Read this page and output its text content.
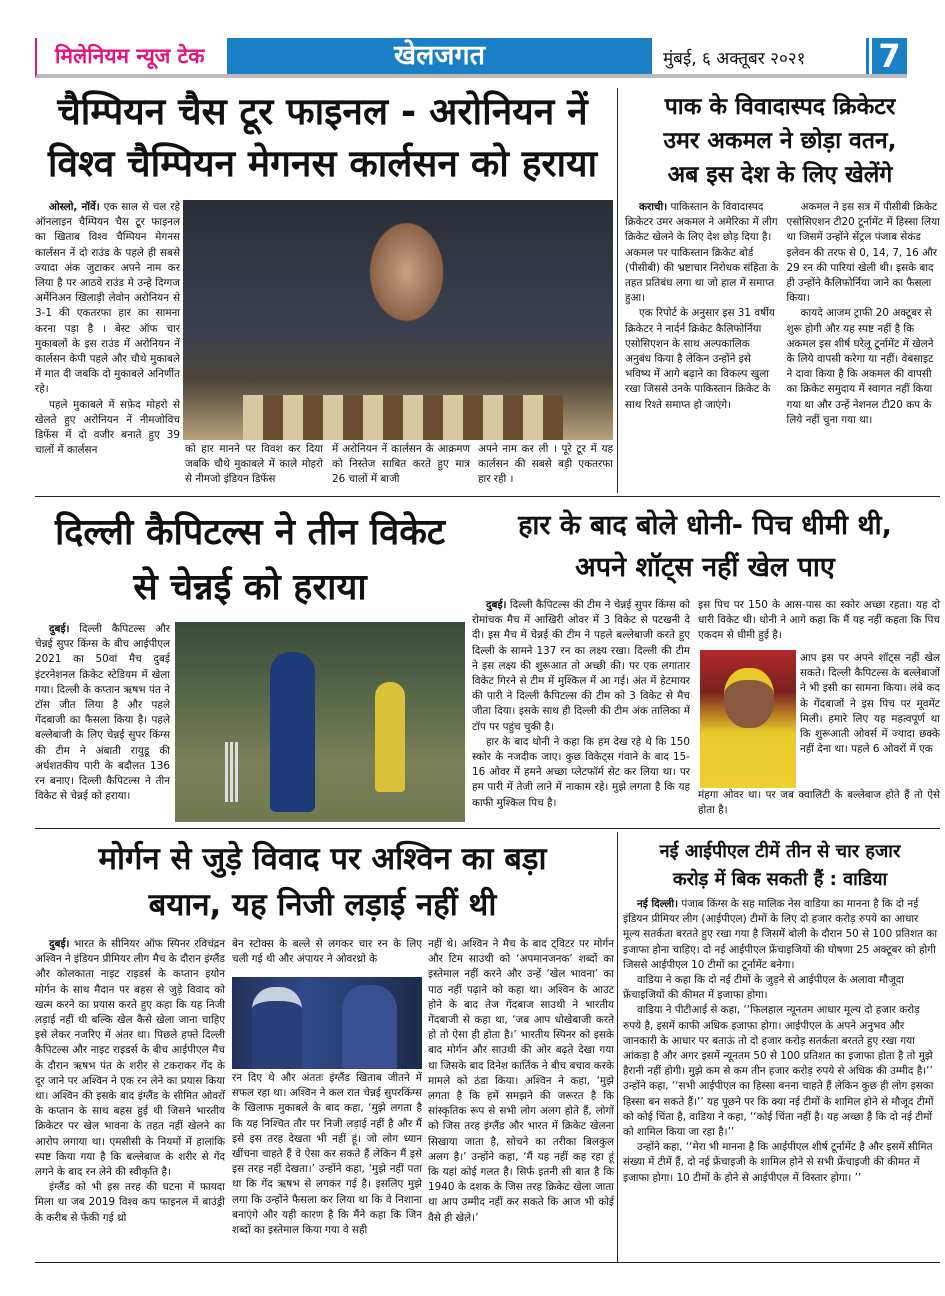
मिलेनियम न्यूज टेक	खेलजगत	मुंबई, ६ अक्तूबर २०२१ 7
चैम्पियन चैस टूर फाइनल - अरोनियन नें
विश्व चैम्पियन मेगनस कार्लसन को हराया

ओस्लो, नॉर्वे। एक साल से चल रहे ऑनलाइन चैम्पियन चैस टूर फाइनल का खिताब विश्व चैम्पियन मेगनस कार्लसन नें दो राउंड के पहले ही सबसे ज्यादा अंक जुटाकर अपने नाम कर लिया है पर आठवे राउंड मे उन्हे दिग्गज अर्मेनिअन खिलाड़ी लेवोन अरोनियन से 3-1 की एकतरफा हार का सामना करना पड़ा है । बेस्ट ऑफ चार मुकाबलों के इस राउंड में अरोनियन नें कार्लसन केपी पहले और चौथे मुकाबले में मात दी जबकि दो मुकाबले अनिर्णीत रहे।

पहले मुकाबले में सफ़ेद मोहरो से खेलते हुए अरोनियन नें नीमजोविच डिफेंस में दो वजीर बनाते हुए 39 चालों में कार्लसन	को हार मानने पर विवश कर दिया जबकि चौथे मुकाबले में काले मोहरो से नीमजो इंडियन डिफेंस
में अरोनियन नें कार्लसन के आक्रमण को निस्तेज साबित करते हुए मात्र 26 चालों में बाजी
अपने नाम कर ली । पूरे टूर में यह कार्लसन की सबसे बड़ी एकतरफा हार रही ।
पाक के विवादास्पद क्रिकेटर
उमर अकमल ने छोड़ा वतन,
अब इस देश के लिए खेलेंगे

कराची। पाकिस्तान के विवादास्पद क्रिकेटर उमर अकमल ने अमेरिका में लीग क्रिकेट खेलने के लिए देश छोड़ दिया है। अकमल पर पाकिस्तान क्रिकेट बोर्ड (पीसीबी) की भ्रष्टाचार निरोधक संहिता के तहत प्रतिबंध लगा था जो हाल में समाप्त हुआ।

एक रिपोर्ट के अनुसार इस 31 वर्षीय क्रिकेटर ने नार्दर्न क्रिकेट कैलिफोर्निया एसोसिएशन के साथ अल्पकालिक अनुबंध किया है लेकिन उन्होंने इसे भविष्य में आगे बढ़ाने का विकल्प खुला रखा जिससे उनके पाकिस्तान क्रिकेट के साथ रिश्ते समाप्त हो जाएंगे।

अकमल ने इस सत्र में पीसीबी क्रिकेट एसोसिएशन टी20 टूर्नामेंट में हिस्सा लिया था जिसमें उन्होंने सेंट्रल पंजाब सेकंड इलेवन की तरफ से 0, 14, 7, 16 और 29 रन की पारियां खेली थी। इसके बाद ही उन्होंने कैलिफोर्निया जाने का फैसला किया।

कायदे आजम ट्राफी 20 अक्टूबर से शुरू होगी और यह स्पष्ट नहीं है कि अकमल इस शीर्ष घरेलू टूर्नामेंट में खेलने के लिये वापसी करेगा या नहीं। वेबसाइट ने दावा किया है कि अकमल की वापसी का क्रिकेट समुदाय में स्वागत नहीं किया गया था और उन्हें नेशनल टी20 कप के लिये नहीं चुना गया था।

दिल्ली कैपिटल्स ने तीन विकेट
से चेन्नई को हराया

दुबई। दिल्ली कैपिटल्स और चेन्नई सुपर किंग्स के बीच आईपीएल 2021 का 50वां मैच दुबई इंटरनेशनल क्रिकेट स्टेडियम में खेला गया। दिल्ली के कप्तान ऋषभ पंत ने टॉस जीत लिया है और पहले गेंदबाजी का फैसला किया है। पहले बल्लेबाजी के लिए चेन्नई सुपर किंग्स की टीम ने अंबाती रायुडू की अर्धशतकीय पारी के बदौलत 136 रन बनाए। दिल्ली कैपिटल्स ने तीन विकेट से चेन्नई को हराया।

हार के बाद बोले धोनी- पिच धीमी थी,
अपने शॉट्स नहीं खेल पाए

दुबई। दिल्ली कैपिटल्स की टीम ने चेन्नई सुपर किंग्स को रोमांचक मैच में आखिरी ओवर में 3 विकेट से पटखनी दे दी। इस मैच में चेन्नई की टीम ने पहले बल्लेबाजी करते हुए दिल्ली के सामने 137 रन का लक्ष्य रखा। दिल्ली की टीम ने इस लक्ष्य की शुरूआत तो अच्छी की। पर एक लगातार विकेट गिरने से टीम में मुश्किल में आ गई। अंत में हेटमायर की पारी ने दिल्ली कैपिटल्स की टीम को 3 विकेट से मैच जीता दिया। इसके साथ ही दिल्ली की टीम अंक तालिका में टॉप पर पहुंच चुकी है।

हार के बाद धोनी ने कहा कि हम देख रहे थे कि 150 स्कोर के नजदीक जाए। कुछ विकेट्स गंवाने के बाद 15-16 ओवर में हमने अच्छा प्लेटफॉर्म सेट कर लिया था। पर हम पारी में तेजी लाने में नाकाम रहे। मुझे लगता है कि यह काफी मुश्किल पिच है।

इस पिच पर 150 के आस-पास का स्कोर अच्छा रहता। यह दो धारी विकेट थी। धोनी ने आगे कहा कि मैं यह नहीं कहता कि पिच एकदम से धीमी हुई है।
आप इस पर अपने शॉट्स नहीं खेल सकते। दिल्ली कैपिटल्स के बल्लेबाजों ने भी इसी का सामना किया। लंबे कद के गेंदबाजों ने इस पिच पर मूवमेंट मिली। हमारे लिए यह महत्वपूर्ण था कि शुरूआती ओवर्स में ज्यादा छक्के नहीं देना था। पहले 6 ओवरों में एक
मंहगा ओवर था। पर जब क्वालिटी के बल्लेबाज होते हैं तो ऐसे होता है।
मोर्गन से जुड़े विवाद पर अश्विन का बड़ा
बयान, यह निजी लड़ाई नहीं थी

दुबई। भारत के सीनियर ऑफ स्पिनर रविचंद्रन अश्विन ने इंडियन प्रीमियर लीग मैच के दौरान इंग्लैंड और कोलकाता नाइट राइडर्स के कप्तान इयोन मोर्गन के साथ मैदान पर बहस से जुड़े विवाद को खत्म करने का प्रयास करते हुए कहा कि यह निजी लड़ाई नहीं थी बल्कि खेल कैसे खेला जाना चाहिए इसे लेकर नजरिए में अंतर था। पिछले हफ्ते दिल्ली कैपिटल्स और नाइट राइडर्स के बीच आईपीएल मैच के दौरान ऋषभ पंत के शरीर से टकराकर गेंद के दूर जाने पर अश्विन ने एक रन लेने का प्रयास किया था। अश्विन की इसके बाद इंग्लैंड के सीमित ओवरों के कप्तान के साथ बहस हुई थी जिसने भारतीय क्रिकेटर पर खेल भावना के तहत नहीं खेलने का आरोप लगाया था। एमसीसी के नियमों में हालांकि स्पष्ट किया गया है कि बल्लेबाज के शरीर से गेंद लगने के बाद रन लेने की स्वीकृति है।

इंग्लैंड को भी इस तरह की घटना में फायदा मिला था जब 2019 विश्व कप फाइनल में बाउंड्री के करीब से फेंकी गई थ्रो

बेन स्टोक्स के बल्ले से लगकर चार रन के लिए चली गई थी और अंपायर ने ओवरथ्रो के
रन दिए थे और अंततः इंग्लैंड खिताब जीतने में सफल रहा था। अश्विन ने कल रात चेन्नई सुपरकिंग्स के खिलाफ मुकाबले के बाद कहा, ‘मुझे लगता है कि यह निश्चित तौर पर निजी लड़ाई नहीं है और मैं इसे इस तरह देखता भी नहीं हूं। जो लोग ध्यान खींचना चाहते हैं वे ऐसा कर सकते हैं लेकिन मैं इसे इस तरह नहीं देखता।’ उन्होंने कहा, ‘मुझे नहीं पता था कि गेंद ऋषभ से लगकर गई है। इसलिए मुझे लगा कि उन्होंने फैसला कर लिया था कि वे निशाना बनाएंगे और यही कारण है कि मैंने कहा कि जिन शब्दों का इस्तेमाल किया गया वे सही
नहीं थे। अश्विन ने मैच के बाद ट्विटर पर मोर्गन और टिम साउथी को ‘अपमानजनक’ शब्दों का इस्तेमाल नहीं करने और उन्हें ‘खेल भावना’ का पाठ नहीं पढ़ाने को कहा था। अश्विन के आउट होने के बाद तेज गेंदबाज साउथी ने भारतीय गेंदबाजी से कहा था, ‘जब आप धोखेबाजी करते हो तो ऐसा ही होता है।’ भारतीय स्पिनर को इसके बाद मोर्गन और साउथी की ओर बढ़ते देखा गया था जिसके बाद दिनेश कार्तिक ने बीच बचाव करके मामले को ठंडा किया। अश्विन ने कहा, ‘मुझे लगता है कि हमें समझने की जरूरत है कि सांस्कृतिक रूप से सभी लोग अलग होते हैं, लोगों को जिस तरह इंग्लैंड और भारत में क्रिकेट खेलना सिखाया जाता है, सोचने का तरीका बिलकुल अलग है।’ उन्होंने कहा, ‘मैं यह नहीं कह रहा हूं कि यहां कोई गलत है। सिर्फ इतनी सी बात है कि 1940 के दशक के जिस तरह क्रिकेट खेला जाता था आप उम्मीद नहीं कर सकते कि आज भी कोई वैसे ही खेले।’
नई आईपीएल टीमें तीन से चार हजार
करोड़ में बिक सकती हैं : वाडिया

नई दिल्ली। पंजाब किंग्स के सह मालिक नेस वाडिया का मानना है कि दो नई इंडियन प्रीमियर लीग (आईपीएल) टीमों के लिए दो हजार करोड़ रुपये का आधार मूल्य सतर्कता बरतते हुए रखा गया है जिसमें बोली के दौरान 50 से 100 प्रतिशत का इजाफा होना चाहिए। दो नई आईपीएल फ्रेंचाइजियों की घोषणा 25 अक्टूबर को होगी जिससे आईपीएल 10 टीमों का टूर्नामेंट बनेगा।

वाडिया ने कहा कि दो नई टीमों के जुड़ने से आईपीएल के अलावा मौजूदा फ्रेंचाइजियों की कीमत में इजाफा होगा।

वाडिया ने पीटीआई से कहा, ‘‘फिलहाल न्यूनतम आधार मूल्य दो हजार करोड़ रुपये है, इसमें काफी अधिक इजाफा होगा। आईपीएल के अपने अनुभव और जानकारी के आधार पर बताऊं तो दो हजार करोड़ सतर्कता बरतते हुए रखा गया आंकड़ा है और अगर इसमें न्यूनतम 50 से 100 प्रतिशत का इजाफा होता है तो मुझे हैरानी नहीं होगी। मुझे कम से कम तीन हजार करोड़ रुपये से अधिक की उम्मीद है।’’ उन्होंने कहा, ‘‘सभी आईपीएल का हिस्सा बनना चाहते हैं लेकिन कुछ ही लोग इसका हिस्सा बन सकते हैं।’’ यह पूछने पर कि क्या नई टीमों के शामिल होने से मौजूद टीमों को कोई चिंता है, वाडिया ने कहा, ‘‘कोई चिंता नहीं है। यह अच्छा है कि दो नई टीमों को शामिल किया जा रहा है।’’

उन्होंने कहा, ‘‘मेरा भी मानना है कि आईपीएल शीर्ष टूर्नामेंट है और इसमें सीमित संख्या में टीमें हैं, दो नई फ्रेंचाइजी के शामिल होने से सभी फ्रेंचाइजी की कीमत में इजाफा होगा। 10 टीमों के होने से आईपीएल में विस्तार होगा। ’’
